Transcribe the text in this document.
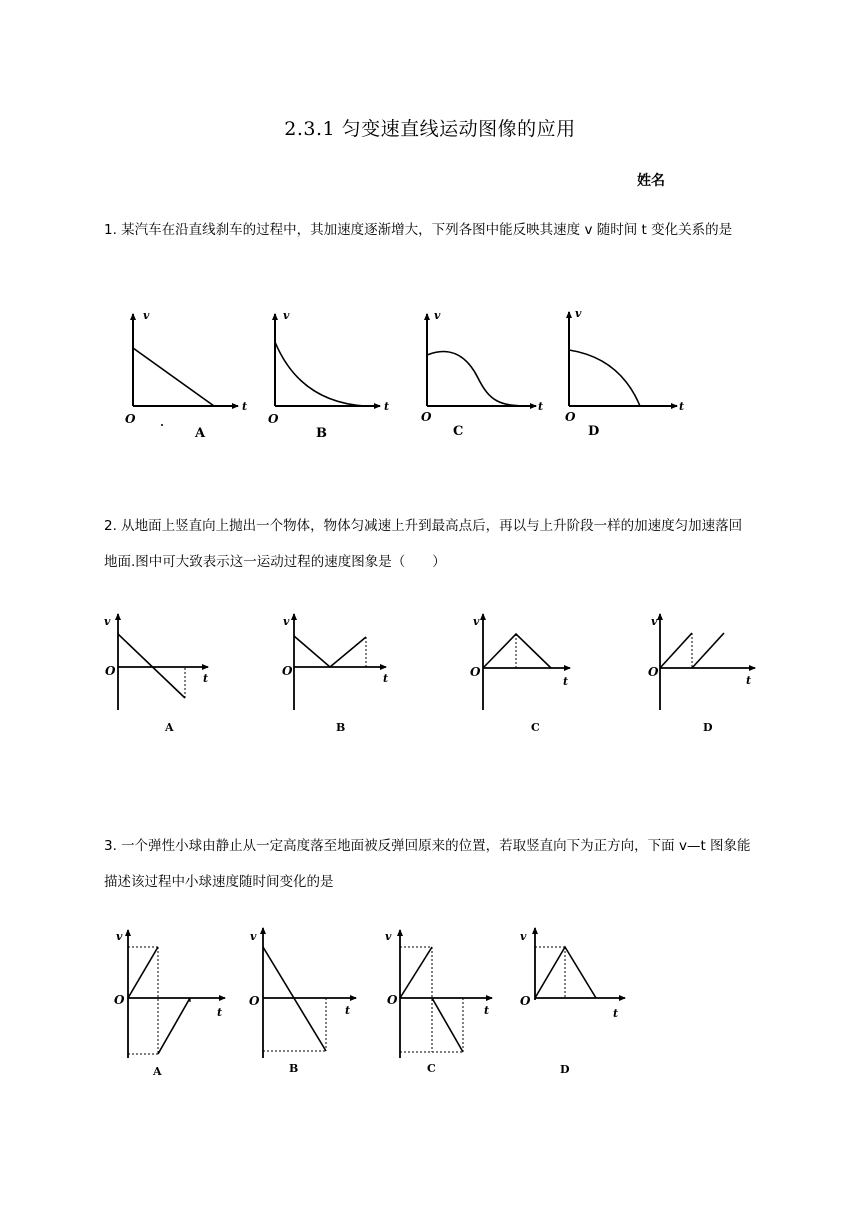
2.3.1 匀变速直线运动图像的应用
姓名
1. 某汽车在沿直线刹车的过程中，其加速度逐渐增大，下列各图中能反映其速度 v 随时间 t 变化关系的是
2. 从地面上竖直向上抛出一个物体，物体匀减速上升到最高点后，再以与上升阶段一样的加速度匀加速落回地面.图中可大致表示这一运动过程的速度图象是（　　）
3. 一个弹性小球由静止从一定高度落至地面被反弹回原来的位置，若取竖直向下为正方向，下面 v—t 图象能描述该过程中小球速度随时间变化的是
v
t
O
A
v
t
O
B
v
t
O
C
v
t
O
D
v
t
O
A
v
t
O
B
v
t
O
C
v
t
O
D
v
t
O
A
v
t
O
B
v
t
O
C
v
t
O
D
